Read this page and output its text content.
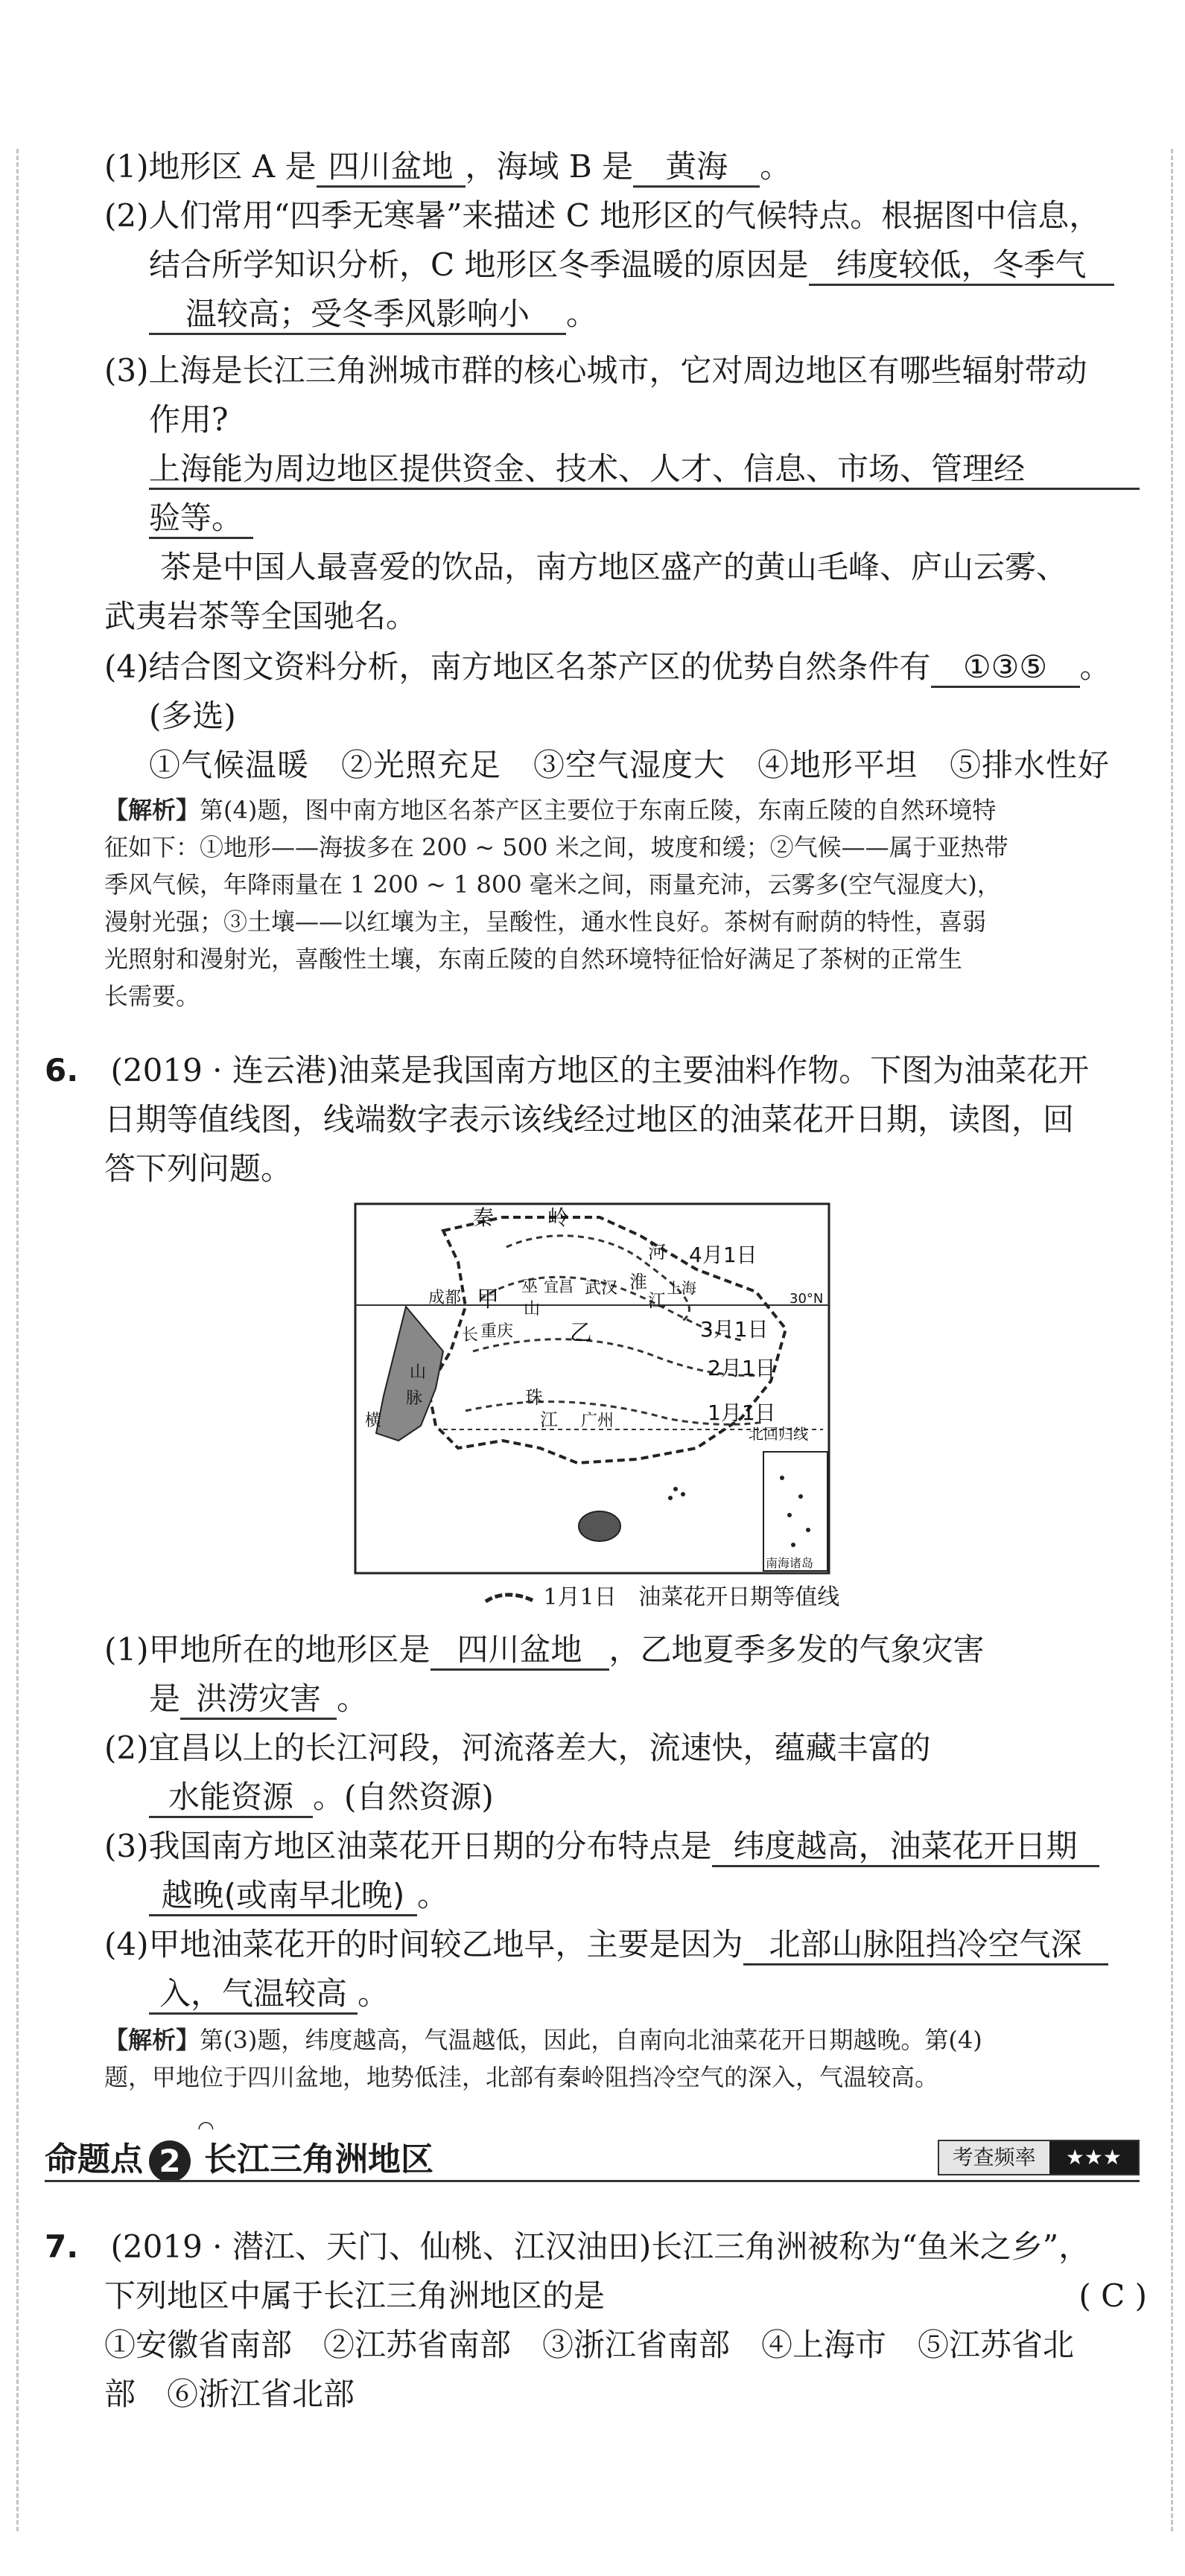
(1)地形区 A 是 四川盆地 ，海域 B 是 黄海 。
(2)人们常用“四季无寒暑”来描述 C 地形区的气候特点。根据图中信息，
结合所学知识分析，C 地形区冬季温暖的原因是 纬度较低，冬季气
温较高；受冬季风影响小 。
(3)上海是长江三角洲城市群的核心城市，它对周边地区有哪些辐射带动
作用?
上海能为周边地区提供资金、技术、人才、信息、市场、管理经
验等。
茶是中国人最喜爱的饮品，南方地区盛产的黄山毛峰、庐山云雾、
武夷岩茶等全国驰名。
(4)结合图文资料分析，南方地区名茶产区的优势自然条件有 ①③⑤ 。
(多选)
①气候温暖　②光照充足　③空气湿度大　④地形平坦　⑤排水性好
【解析】第(4)题，图中南方地区名茶产区主要位于东南丘陵，东南丘陵的自然环境特
征如下：①地形——海拔多在 200 ~ 500 米之间，坡度和缓；②气候——属于亚热带
季风气候，年降雨量在 1 200 ~ 1 800 毫米之间，雨量充沛，云雾多(空气湿度大)，
漫射光强；③土壤——以红壤为主，呈酸性，通水性良好。茶树有耐荫的特性，喜弱
光照射和漫射光，喜酸性土壤，东南丘陵的自然环境特征恰好满足了茶树的正常生
长需要。
6. (2019 · 连云港)油菜是我国南方地区的主要油料作物。下图为油菜花开
日期等值线图，线端数字表示该线经过地区的油菜花开日期，读图，回
答下列问题。
秦	岭
河
淮
江
成都 甲 巫
山
宜昌 武汉	上海
长 重庆	乙
山
脉	珠
江 广州
横
北回归线
南海诸岛
4月1日
3月1日
2月1日
1月1日
30°N
1月1日 油菜花开日期等值线
(1)甲地所在的地形区是 四川盆地 ，乙地夏季多发的气象灾害
是 洪涝灾害 。
(2)宜昌以上的长江河段，河流落差大，流速快，蕴藏丰富的
水能资源 。(自然资源)
(3)我国南方地区油菜花开日期的分布特点是 纬度越高，油菜花开日期
越晚(或南早北晚) 。
(4)甲地油菜花开的时间较乙地早，主要是因为 北部山脉阻挡冷空气深
入，气温较高 。
【解析】第(3)题，纬度越高，气温越低，因此，自南向北油菜花开日期越晚。第(4)
题，甲地位于四川盆地，地势低洼，北部有秦岭阻挡冷空气的深入，气温较高。
命题点 2 长江三角洲地区
◠
考查频率	★★★
7. (2019 · 潜江、天门、仙桃、江汉油田)长江三角洲被称为“鱼米之乡”，
下列地区中属于长江三角洲地区的是	( C )
①安徽省南部　②江苏省南部　③浙江省南部　④上海市　⑤江苏省北
部　⑥浙江省北部
